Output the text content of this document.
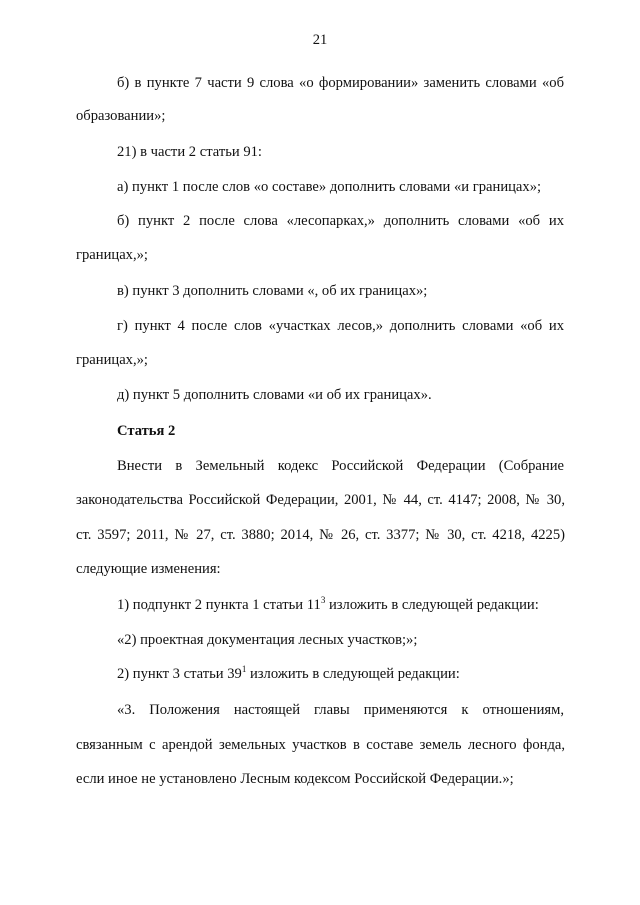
21
б) в пункте 7 части 9 слова «о формировании» заменить словами «об
образовании»;
21) в части 2 статьи 91:
а) пункт 1 после слов «о составе» дополнить словами «и границах»;
б) пункт 2 после слова «лесопарках,» дополнить словами «об их
границах,»;
в) пункт 3 дополнить словами «, об их границах»;
г) пункт 4 после слов «участках лесов,» дополнить словами «об их
границах,»;
д) пункт 5 дополнить словами «и об их границах».
Статья 2
Внести в Земельный кодекс Российской Федерации (Собрание
законодательства Российской Федерации, 2001, № 44, ст. 4147; 2008, № 30,
ст. 3597; 2011, № 27, ст. 3880; 2014, № 26, ст. 3377; № 30, ст. 4218, 4225)
следующие изменения:
1) подпункт 2 пункта 1 статьи $11^3$ изложить в следующей редакции:
«2) проектная документация лесных участков;»;
2) пункт 3 статьи $39^1$ изложить в следующей редакции:
«3. Положения настоящей главы применяются к отношениям,
связанным с арендой земельных участков в составе земель лесного фонда,
если иное не установлено Лесным кодексом Российской Федерации.»;
